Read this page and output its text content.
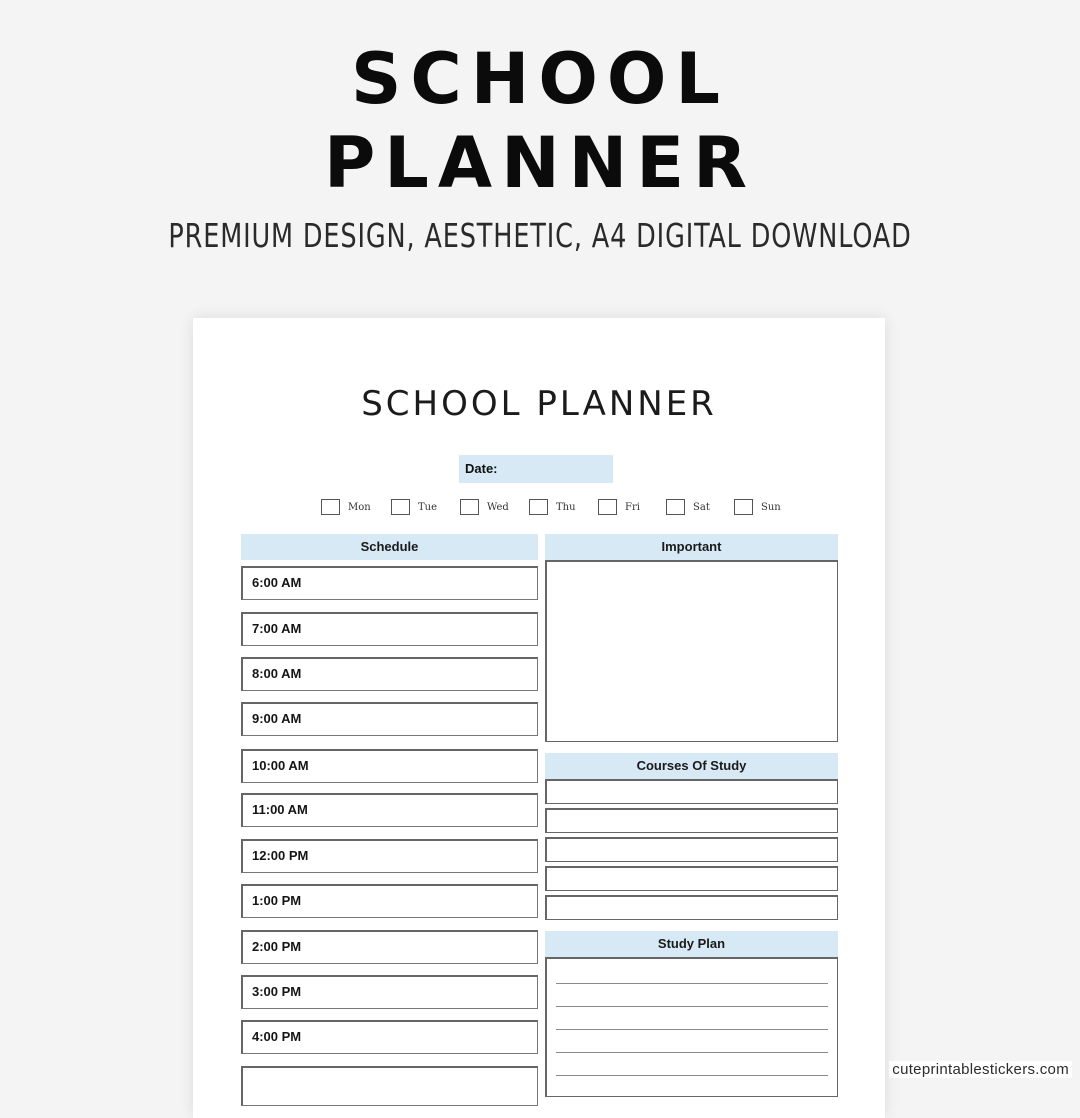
SCHOOL
PLANNER
PREMIUM DESIGN, AESTHETIC, A4 DIGITAL DOWNLOAD
SCHOOL PLANNER
Date:
Mon	Tue	Wed	Thu	Fri	Sat	Sun
Schedule
6:00 AM
7:00 AM
8:00 AM
9:00 AM
10:00 AM
11:00 AM
12:00 PM
1:00 PM
2:00 PM
3:00 PM
4:00 PM
Important
Courses Of Study
Study Plan
cuteprintablestickers.com
